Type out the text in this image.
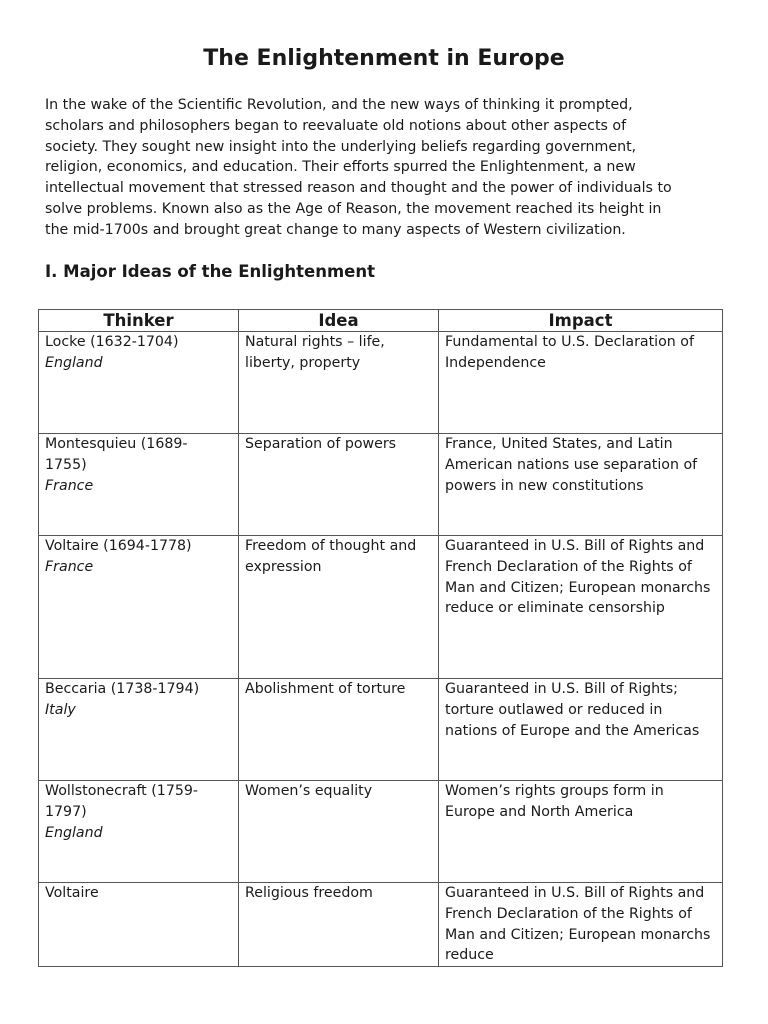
The Enlightenment in Europe

In the wake of the Scientific Revolution, and the new ways of thinking it prompted,
scholars and philosophers began to reevaluate old notions about other aspects of
society. They sought new insight into the underlying beliefs regarding government,
religion, economics, and education. Their efforts spurred the Enlightenment, a new
intellectual movement that stressed reason and thought and the power of individuals to
solve problems. Known also as the Age of Reason, the movement reached its height in
the mid-1700s and brought great change to many aspects of Western civilization.

I. Major Ideas of the Enlightenment
Thinker	Idea	Impact

Locke (1632-1704)
England	Natural rights – life, liberty, property	Fundamental to U.S. Declaration of Independence

Montesquieu (1689-
1755)
France	Separation of powers	France, United States, and Latin American nations use separation of powers in new constitutions

Voltaire (1694-1778)
France	Freedom of thought and expression	Guaranteed in U.S. Bill of Rights and French Declaration of the Rights of Man and Citizen; European monarchs reduce or eliminate censorship

Beccaria (1738-1794)
Italy	Abolishment of torture	Guaranteed in U.S. Bill of Rights; torture outlawed or reduced in nations of Europe and the Americas

Wollstonecraft (1759-
1797)
England	Women’s equality	Women’s rights groups form in Europe and North America

Voltaire	Religious freedom	Guaranteed in U.S. Bill of Rights and French Declaration of the Rights of Man and Citizen; European monarchs reduce
